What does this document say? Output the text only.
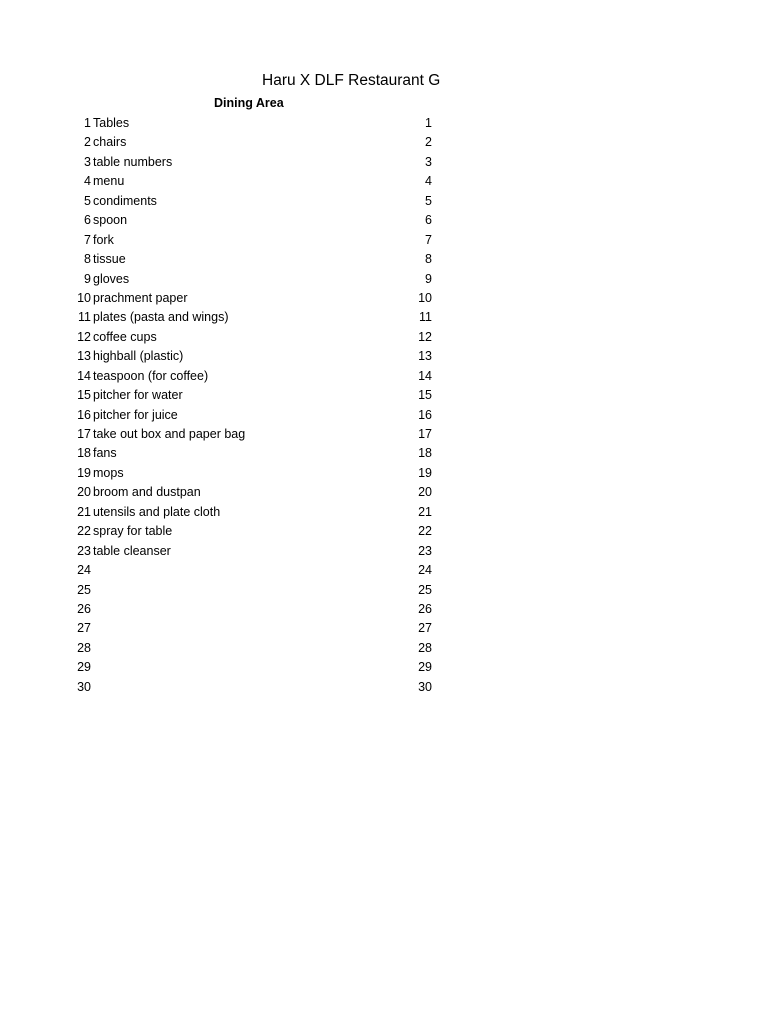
Haru X DLF Restaurant G
Dining Area
1 Tables	1
2 chairs	2
3 table numbers	3
4 menu	4
5 condiments	5
6 spoon	6
7 fork	7
8 tissue	8
9 gloves	9
10 prachment paper	10
11 plates (pasta and wings)	11
12 coffee cups	12
13 highball (plastic)	13
14 teaspoon (for coffee)	14
15 pitcher for water	15
16 pitcher for juice	16
17 take out box and paper bag	17
18 fans	18
19 mops	19
20 broom and dustpan	20
21 utensils and plate cloth	21
22 spray for table	22
23 table cleanser	23
24	24
25	25
26	26
27	27
28	28
29	29
30	30
